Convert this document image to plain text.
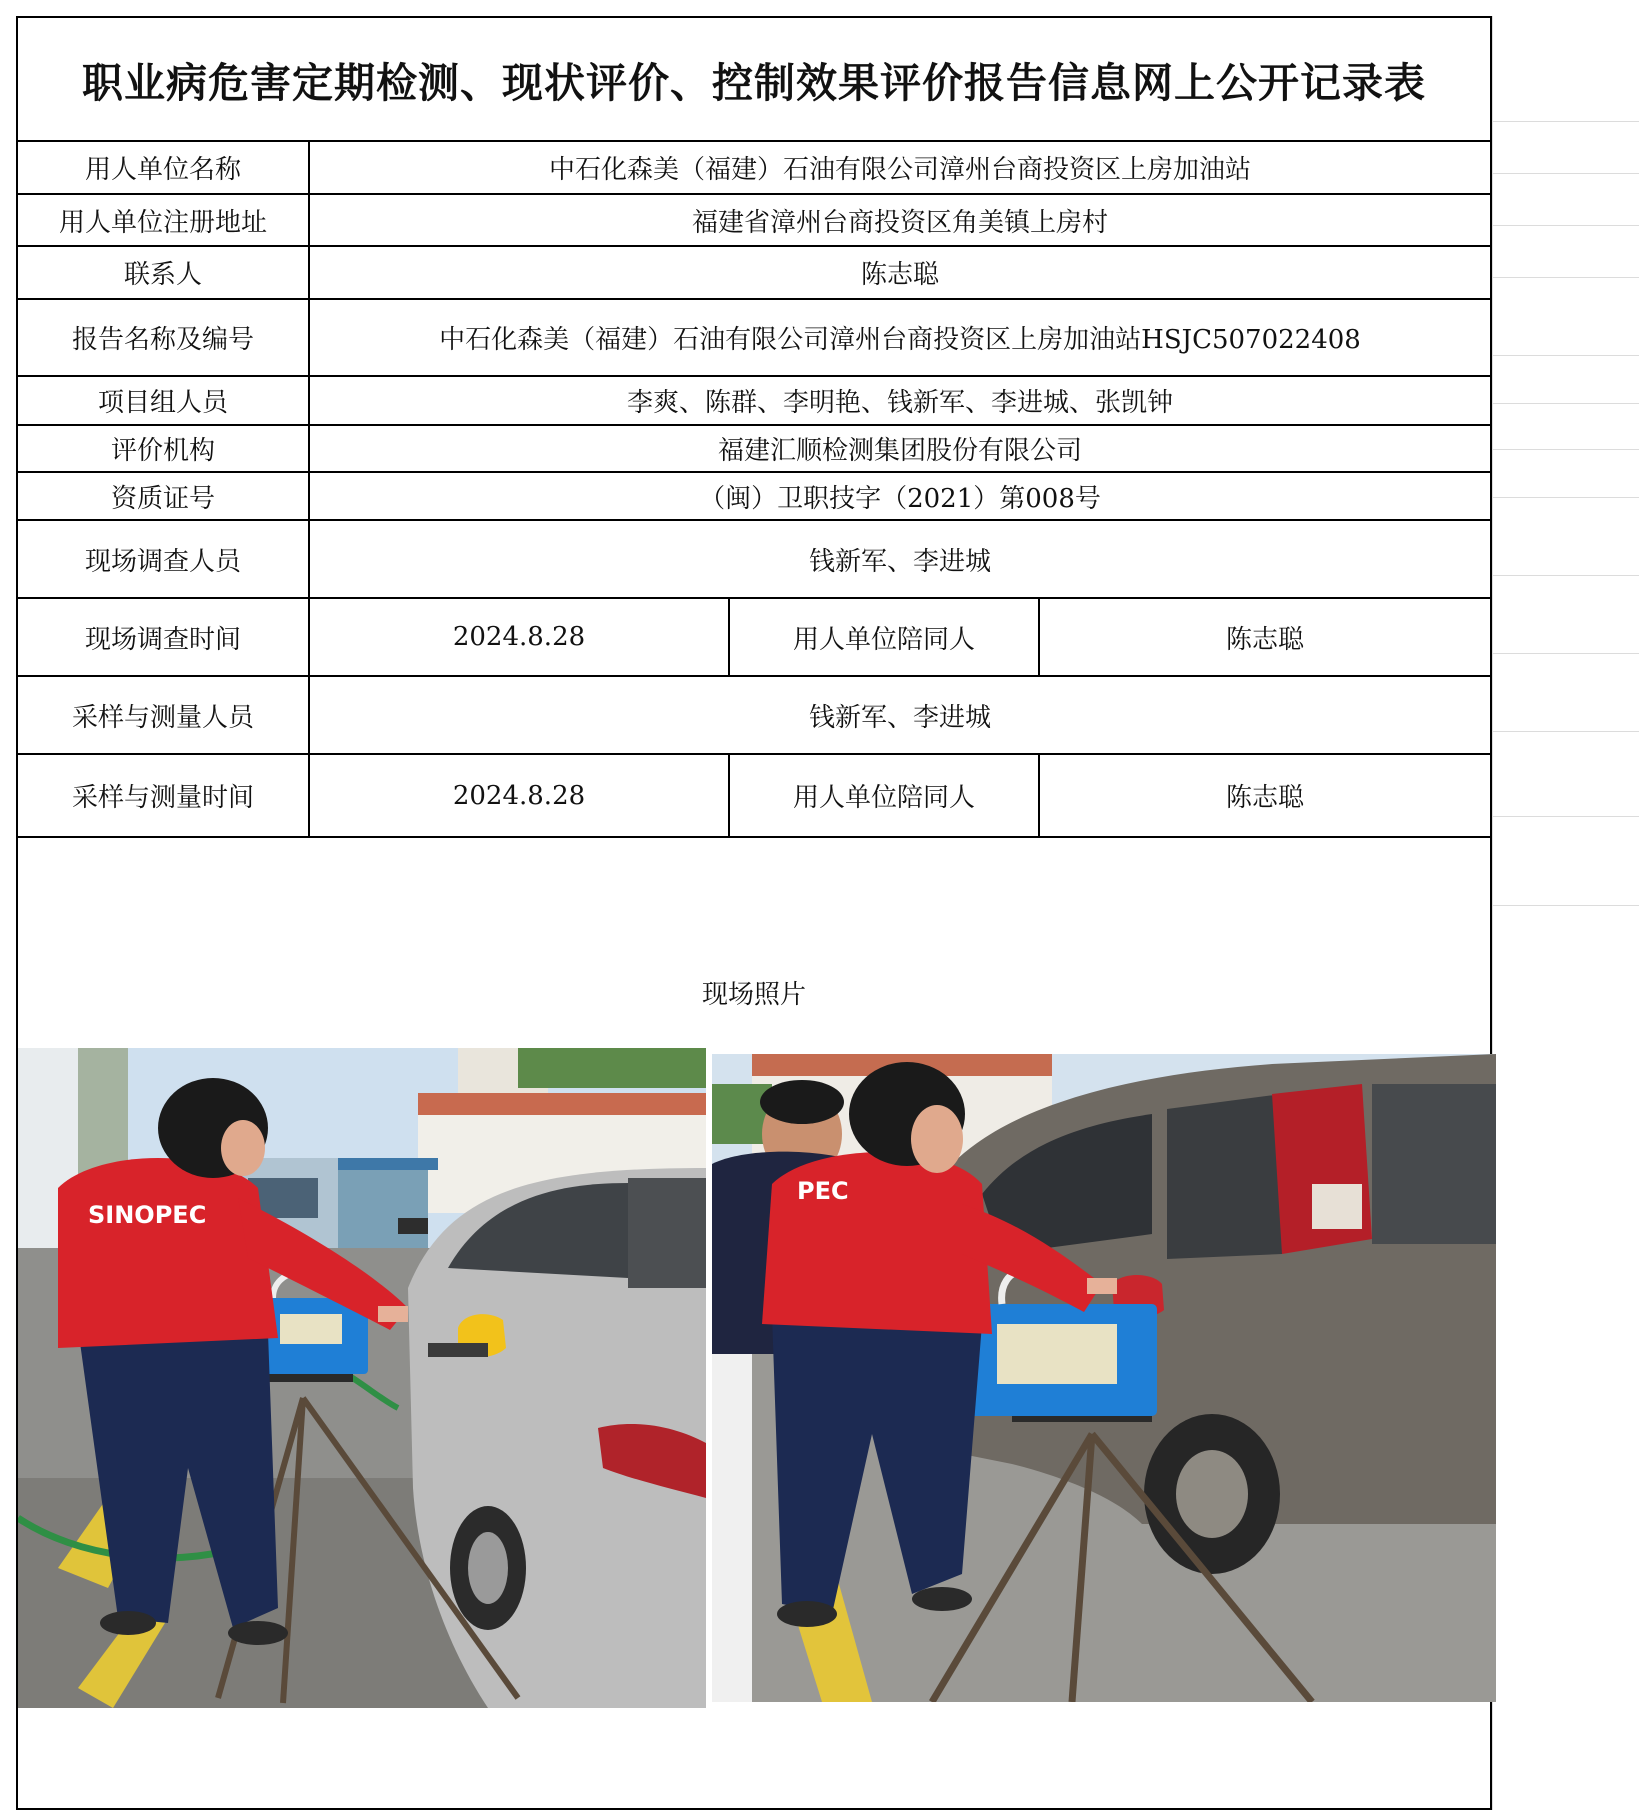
职业病危害定期检测、现状评价、控制效果评价报告信息网上公开记录表
用人单位名称	中石化森美（福建）石油有限公司漳州台商投资区上房加油站
用人单位注册地址	福建省漳州台商投资区角美镇上房村
联系人	陈志聪
报告名称及编号	中石化森美（福建）石油有限公司漳州台商投资区上房加油站HSJC507022408
项目组人员	李爽、陈群、李明艳、钱新军、李进城、张凯钟
评价机构	福建汇顺检测集团股份有限公司
资质证号	（闽）卫职技字（2021）第008号
现场调查人员	钱新军、李进城
现场调查时间	2024.8.28	用人单位陪同人	陈志聪
采样与测量人员	钱新军、李进城
采样与测量时间	2024.8.28	用人单位陪同人	陈志聪
现场照片
SINOPEC
PEC
